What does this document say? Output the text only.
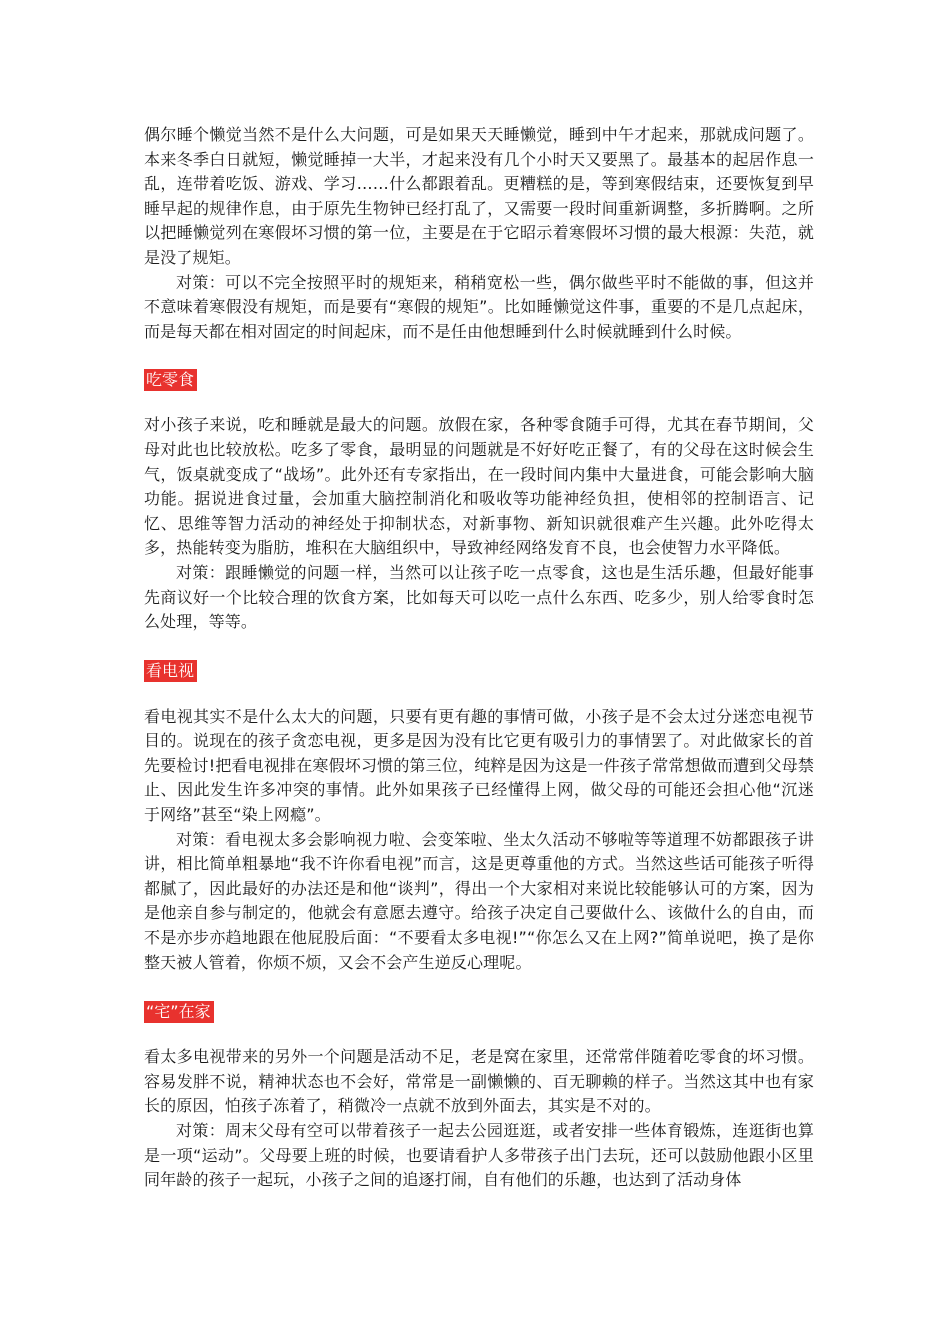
偶尔睡个懒觉当然不是什么大问题，可是如果天天睡懒觉，睡到中午才起来，那就成问题了。本来冬季白日就短，懒觉睡掉一大半，才起来没有几个小时天又要黑了。最基本的起居作息一乱，连带着吃饭、游戏、学习……什么都跟着乱。更糟糕的是，等到寒假结束，还要恢复到早睡早起的规律作息，由于原先生物钟已经打乱了，又需要一段时间重新调整，多折腾啊。之所以把睡懒觉列在寒假坏习惯的第一位，主要是在于它昭示着寒假坏习惯的最大根源：失范，就是没了规矩。

对策：可以不完全按照平时的规矩来，稍稍宽松一些，偶尔做些平时不能做的事，但这并不意味着寒假没有规矩，而是要有“寒假的规矩”。比如睡懒觉这件事，重要的不是几点起床，而是每天都在相对固定的时间起床，而不是任由他想睡到什么时候就睡到什么时候。

吃零食

对小孩子来说，吃和睡就是最大的问题。放假在家，各种零食随手可得，尤其在春节期间，父母对此也比较放松。吃多了零食，最明显的问题就是不好好吃正餐了，有的父母在这时候会生气，饭桌就变成了“战场”。此外还有专家指出，在一段时间内集中大量进食，可能会影响大脑功能。据说进食过量，会加重大脑控制消化和吸收等功能神经负担，使相邻的控制语言、记忆、思维等智力活动的神经处于抑制状态，对新事物、新知识就很难产生兴趣。此外吃得太多，热能转变为脂肪，堆积在大脑组织中，导致神经网络发育不良，也会使智力水平降低。

对策：跟睡懒觉的问题一样，当然可以让孩子吃一点零食，这也是生活乐趣，但最好能事先商议好一个比较合理的饮食方案，比如每天可以吃一点什么东西、吃多少，别人给零食时怎么处理，等等。

看电视

看电视其实不是什么太大的问题，只要有更有趣的事情可做，小孩子是不会太过分迷恋电视节目的。说现在的孩子贪恋电视，更多是因为没有比它更有吸引力的事情罢了。对此做家长的首先要检讨!把看电视排在寒假坏习惯的第三位，纯粹是因为这是一件孩子常常想做而遭到父母禁止、因此发生许多冲突的事情。此外如果孩子已经懂得上网，做父母的可能还会担心他“沉迷于网络”甚至“染上网瘾”。

对策：看电视太多会影响视力啦、会变笨啦、坐太久活动不够啦等等道理不妨都跟孩子讲讲，相比简单粗暴地“我不许你看电视”而言，这是更尊重他的方式。当然这些话可能孩子听得都腻了，因此最好的办法还是和他“谈判”，得出一个大家相对来说比较能够认可的方案，因为是他亲自参与制定的，他就会有意愿去遵守。给孩子决定自己要做什么、该做什么的自由，而不是亦步亦趋地跟在他屁股后面：“不要看太多电视!”“你怎么又在上网?”简单说吧，换了是你整天被人管着，你烦不烦，又会不会产生逆反心理呢。

“宅”在家

看太多电视带来的另外一个问题是活动不足，老是窝在家里，还常常伴随着吃零食的坏习惯。容易发胖不说，精神状态也不会好，常常是一副懒懒的、百无聊赖的样子。当然这其中也有家长的原因，怕孩子冻着了，稍微冷一点就不放到外面去，其实是不对的。

对策：周末父母有空可以带着孩子一起去公园逛逛，或者安排一些体育锻炼，连逛街也算是一项“运动”。父母要上班的时候，也要请看护人多带孩子出门去玩，还可以鼓励他跟小区里同年龄的孩子一起玩，小孩子之间的追逐打闹，自有他们的乐趣，也达到了活动身体
